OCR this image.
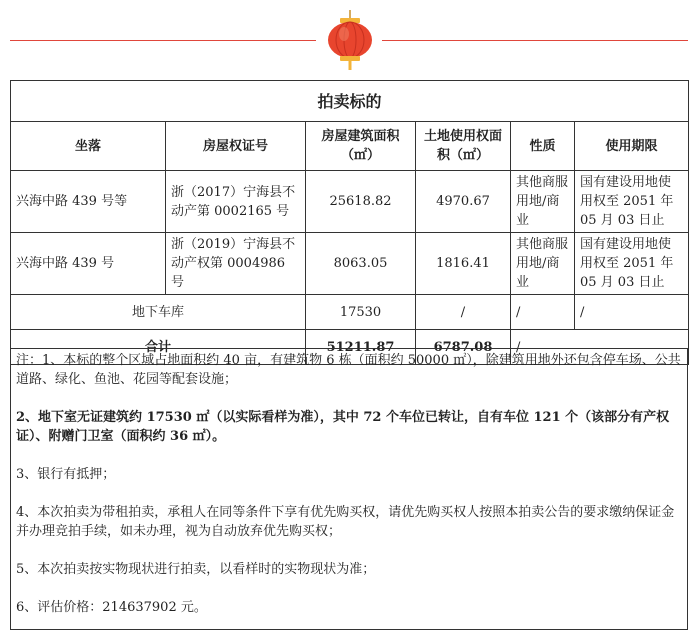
拍卖标的					
坐落	房屋权证号	房屋建筑面积（㎡）	土地使用权面积（㎡）	性质	使用期限
兴海中路 439 号等	浙（2017）宁海县不动产第 0002165 号	25618.82	4970.67	其他商服用地/商业	国有建设用地使用权至 2051 年 05 月 03 日止
兴海中路 439 号	浙（2019）宁海县不动产权第 0004986 号	8063.05	1816.41	其他商服用地/商业	国有建设用地使用权至 2051 年 05 月 03 日止
地下车库		17530	/	/	/
合计		51211.87	6787.08	/	

注：1、本标的整个区域占地面积约 40 亩，有建筑物 6 栋（面积约 50000 ㎡），除建筑用地外还包含停车场、公共道路、绿化、鱼池、花园等配套设施；

2、地下室无证建筑约 17530 ㎡（以实际看样为准），其中 72 个车位已转让，自有车位 121 个（该部分有产权证）、附赠门卫室（面积约 36 ㎡）。

3、银行有抵押；

4、本次拍卖为带租拍卖，承租人在同等条件下享有优先购买权，请优先购买权人按照本拍卖公告的要求缴纳保证金并办理竞拍手续，如未办理，视为自动放弃优先购买权；

5、本次拍卖按实物现状进行拍卖，以看样时的实物现状为准；

6、评估价格：214637902 元。
